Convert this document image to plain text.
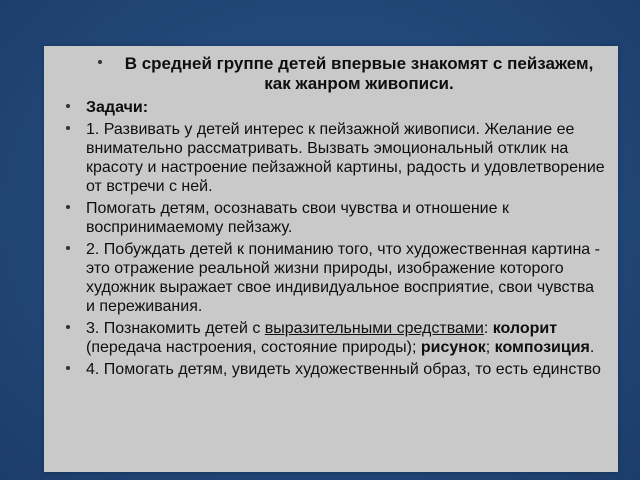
В средней группе детей впервые знакомят с пейзажем, как жанром живописи.
Задачи:
1. Развивать у детей интерес к пейзажной живописи. Желание ее внимательно рассматривать. Вызвать эмоциональный отклик на красоту и настроение пейзажной картины, радость и удовлетворение от встречи с ней.
Помогать детям, осознавать свои чувства и отношение к воспринимаемому пейзажу.
2. Побуждать детей к пониманию того, что художественная картина - это отражение реальной жизни природы, изображение которого художник выражает свое индивидуальное восприятие, свои чувства и переживания.
3. Познакомить детей с выразительными средствами: колорит (передача настроения, состояние природы); рисунок; композиция.
4. Помогать детям, увидеть художественный образ, то есть единство
